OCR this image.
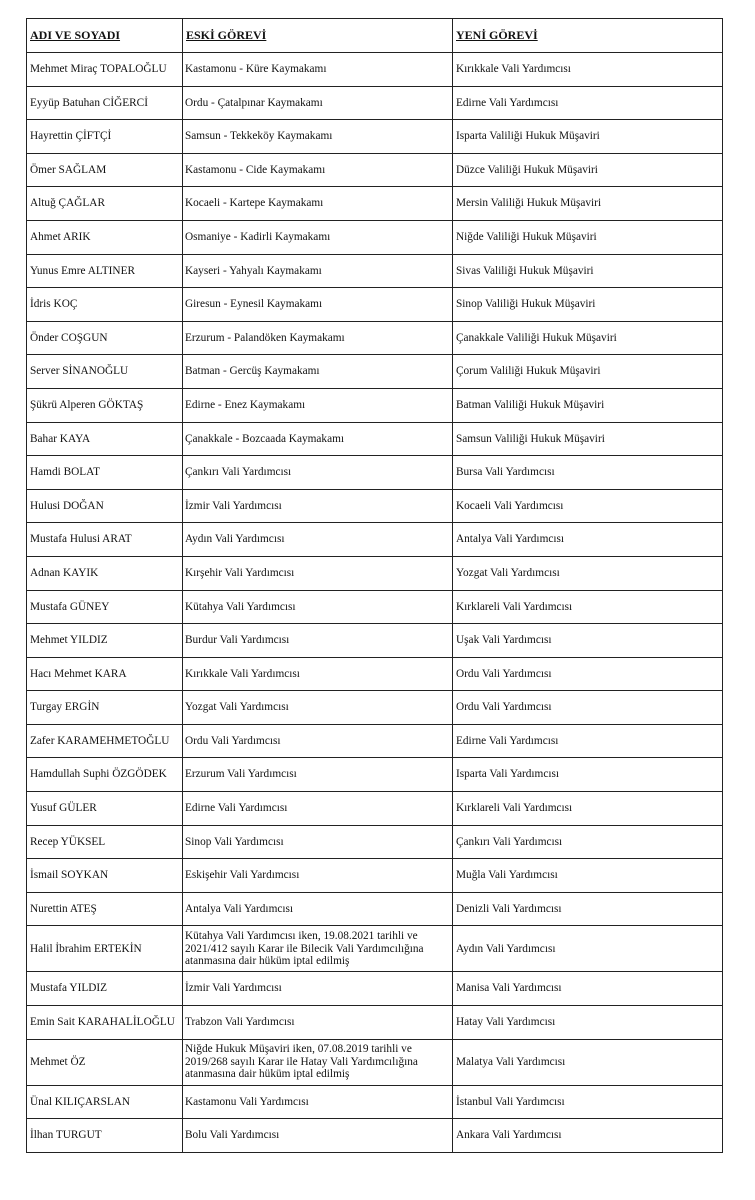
ADI VE SOYADI	ESKİ GÖREVİ	YENİ GÖREVİ
Mehmet Miraç TOPALOĞLU	Kastamonu - Küre Kaymakamı	Kırıkkale Vali Yardımcısı
Eyyüp Batuhan CİĞERCİ	Ordu - Çatalpınar Kaymakamı	Edirne Vali Yardımcısı
Hayrettin ÇİFTÇİ	Samsun - Tekkeköy Kaymakamı	Isparta Valiliği Hukuk Müşaviri
Ömer SAĞLAM	Kastamonu - Cide Kaymakamı	Düzce Valiliği Hukuk Müşaviri
Altuğ ÇAĞLAR	Kocaeli - Kartepe Kaymakamı	Mersin Valiliği Hukuk Müşaviri
Ahmet ARIK	Osmaniye - Kadirli Kaymakamı	Niğde Valiliği Hukuk Müşaviri
Yunus Emre ALTINER	Kayseri - Yahyalı Kaymakamı	Sivas Valiliği Hukuk Müşaviri
İdris KOÇ	Giresun - Eynesil Kaymakamı	Sinop Valiliği Hukuk Müşaviri
Önder COŞGUN	Erzurum - Palandöken Kaymakamı	Çanakkale Valiliği Hukuk Müşaviri
Server SİNANOĞLU	Batman - Gercüş Kaymakamı	Çorum Valiliği Hukuk Müşaviri
Şükrü Alperen GÖKTAŞ	Edirne - Enez Kaymakamı	Batman Valiliği Hukuk Müşaviri
Bahar KAYA	Çanakkale - Bozcaada Kaymakamı	Samsun Valiliği Hukuk Müşaviri
Hamdi BOLAT	Çankırı Vali Yardımcısı	Bursa Vali Yardımcısı
Hulusi DOĞAN	İzmir Vali Yardımcısı	Kocaeli Vali Yardımcısı
Mustafa Hulusi ARAT	Aydın Vali Yardımcısı	Antalya Vali Yardımcısı
Adnan KAYIK	Kırşehir Vali Yardımcısı	Yozgat Vali Yardımcısı
Mustafa GÜNEY	Kütahya Vali Yardımcısı	Kırklareli Vali Yardımcısı
Mehmet YILDIZ	Burdur Vali Yardımcısı	Uşak Vali Yardımcısı
Hacı Mehmet KARA	Kırıkkale Vali Yardımcısı	Ordu Vali Yardımcısı
Turgay ERGİN	Yozgat Vali Yardımcısı	Ordu Vali Yardımcısı
Zafer KARAMEHMETOĞLU	Ordu Vali Yardımcısı	Edirne Vali Yardımcısı
Hamdullah Suphi ÖZGÖDEK	Erzurum Vali Yardımcısı	Isparta Vali Yardımcısı
Yusuf GÜLER	Edirne Vali Yardımcısı	Kırklareli Vali Yardımcısı
Recep YÜKSEL	Sinop Vali Yardımcısı	Çankırı Vali Yardımcısı
İsmail SOYKAN	Eskişehir Vali Yardımcısı	Muğla Vali Yardımcısı
Nurettin ATEŞ	Antalya Vali Yardımcısı	Denizli Vali Yardımcısı
Halil İbrahim ERTEKİN	Kütahya Vali Yardımcısı iken, 19.08.2021 tarihli ve 2021/412 sayılı Karar ile Bilecik Vali Yardımcılığına atanmasına dair hüküm iptal edilmiş	Aydın Vali Yardımcısı
Mustafa YILDIZ	İzmir Vali Yardımcısı	Manisa Vali Yardımcısı
Emin Sait KARAHALİLOĞLU	Trabzon Vali Yardımcısı	Hatay Vali Yardımcısı
Mehmet ÖZ	Niğde Hukuk Müşaviri iken, 07.08.2019 tarihli ve 2019/268 sayılı Karar ile Hatay Vali Yardımcılığına atanmasına dair hüküm iptal edilmiş	Malatya Vali Yardımcısı
Ünal KILIÇARSLAN	Kastamonu Vali Yardımcısı	İstanbul Vali Yardımcısı
İlhan TURGUT	Bolu Vali Yardımcısı	Ankara Vali Yardımcısı
